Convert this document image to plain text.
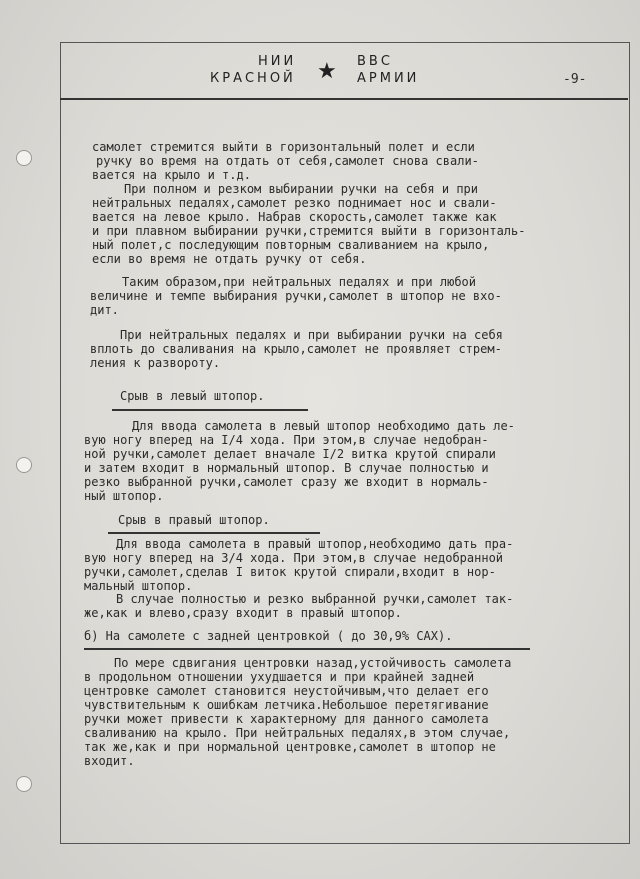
НИИ	ВВС
★
КРАСНОЙ	АРМИИ	-9-
самолет стремится выйти в горизонтальный полет и если
ручку во время на отдать от себя,самолет снова свали-
вается на крыло и т.д.
При полном и резком выбирании ручки на себя и при
нейтральных педалях,самолет резко поднимает нос и свали-
вается на левое крыло. Набрав скорость,самолет также как
и при плавном выбирании ручки,стремится выйти в горизонталь-
ный полет,с последующим повторным сваливанием на крыло,
если во время не отдать ручку от себя.
Таким образом,при нейтральных педалях и при любой
величине и темпе выбирания ручки,самолет в штопор не вхо-
дит.
При нейтральных педалях и при выбирании ручки на себя
вплоть до сваливания на крыло,самолет не проявляет стрем-
ления к развороту.
Срыв в левый штопор.
Для ввода самолета в левый штопор необходимо дать ле-
вую ногу вперед на I/4 хода. При этом,в случае недобран-
ной ручки,самолет делает вначале I/2 витка крутой спирали
и затем входит в нормальный штопор. В случае полностью и
резко выбранной ручки,самолет сразу же входит в нормаль-
ный штопор.
Срыв в правый штопор.
Для ввода самолета в правый штопор,необходимо дать пра-
вую ногу вперед на 3/4 хода. При этом,в случае недобранной
ручки,самолет,сделав I виток крутой спирали,входит в нор-
мальный штопор.
В случае полностью и резко выбранной ручки,самолет так-
же,как и влево,сразу входит в правый штопор.
б) На самолете с задней центровкой ( до 30,9% САХ).
По мере сдвигания центровки назад,устойчивость самолета
в продольном отношении ухудшается и при крайней задней
центровке самолет становится неустойчивым,что делает его
чувствительным к ошибкам летчика.Небольшое перетягивание
ручки может привести к характерному для данного самолета
сваливанию на крыло. При нейтральных педалях,в этом случае,
так же,как и при нормальной центровке,самолет в штопор не
входит.
